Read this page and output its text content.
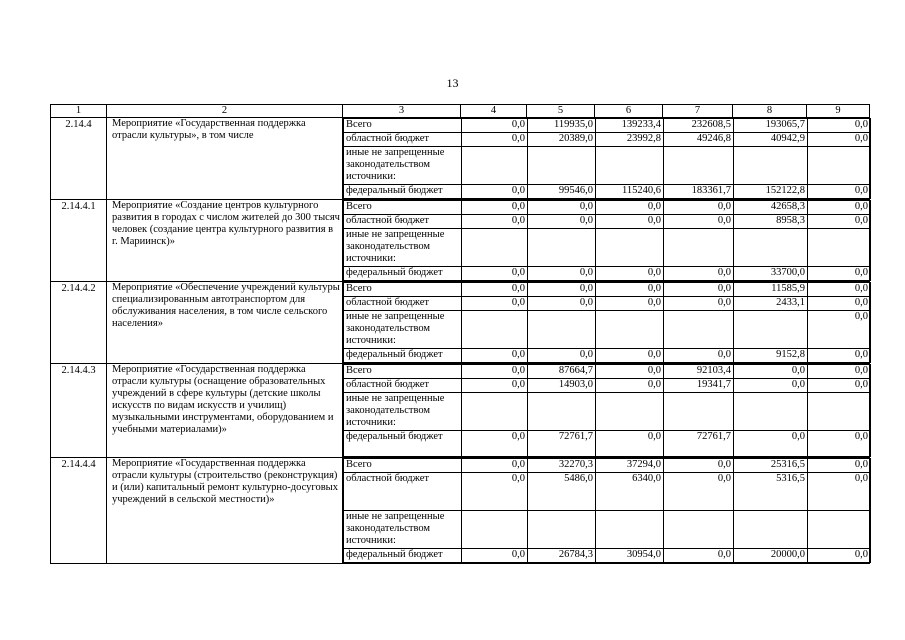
13
1	2	3	4	5	6	7	8	9
2.14.4	Мероприятие «Государственная поддержка отрасли культуры», в том числе	
Всего	0,0	119935,0	139233,4	232608,5	193065,7	0,0
областной бюджет	0,0	20389,0	23992,8	49246,8	40942,9	0,0
иные не запрещенные законодательством источники:						
федеральный бюджет	0,0	99546,0	115240,6	183361,7	152122,8	0,0

2.14.4.1	Мероприятие «Создание центров культурного развития в городах с числом жителей до 300 тысяч человек (создание центра культурного развития в г. Мариинск)»	
Всего	0,0	0,0	0,0	0,0	42658,3	0,0
областной бюджет	0,0	0,0	0,0	0,0	8958,3	0,0
иные не запрещенные законодательством источники:						
федеральный бюджет	0,0	0,0	0,0	0,0	33700,0	0,0

2.14.4.2	Мероприятие «Обеспечение учреждений культуры специализированным автотранспортом для обслуживания населения, в том числе сельского населения»	
Всего	0,0	0,0	0,0	0,0	11585,9	0,0
областной бюджет	0,0	0,0	0,0	0,0	2433,1	0,0
иные не запрещенные законодательством источники:						0,0
федеральный бюджет	0,0	0,0	0,0	0,0	9152,8	0,0

2.14.4.3	Мероприятие «Государственная поддержка отрасли культуры (оснащение образовательных учреждений в сфере культуры (детские школы искусств по видам искусств и училищ) музыкальными инструментами, оборудованием и учебными материалами)»	
Всего	0,0	87664,7	0,0	92103,4	0,0	0,0
областной бюджет	0,0	14903,0	0,0	19341,7	0,0	0,0
иные не запрещенные законодательством источники:						
федеральный бюджет	0,0	72761,7	0,0	72761,7	0,0	0,0

2.14.4.4	Мероприятие «Государственная поддержка отрасли культуры (строительство (реконструкция) и (или) капитальный ремонт культурно-досуговых учреждений в сельской местности)»	
Всего	0,0	32270,3	37294,0	0,0	25316,5	0,0
областной бюджет	0,0	5486,0	6340,0	0,0	5316,5	0,0
иные не запрещенные законодательством источники:						
федеральный бюджет	0,0	26784,3	30954,0	0,0	20000,0	0,0
